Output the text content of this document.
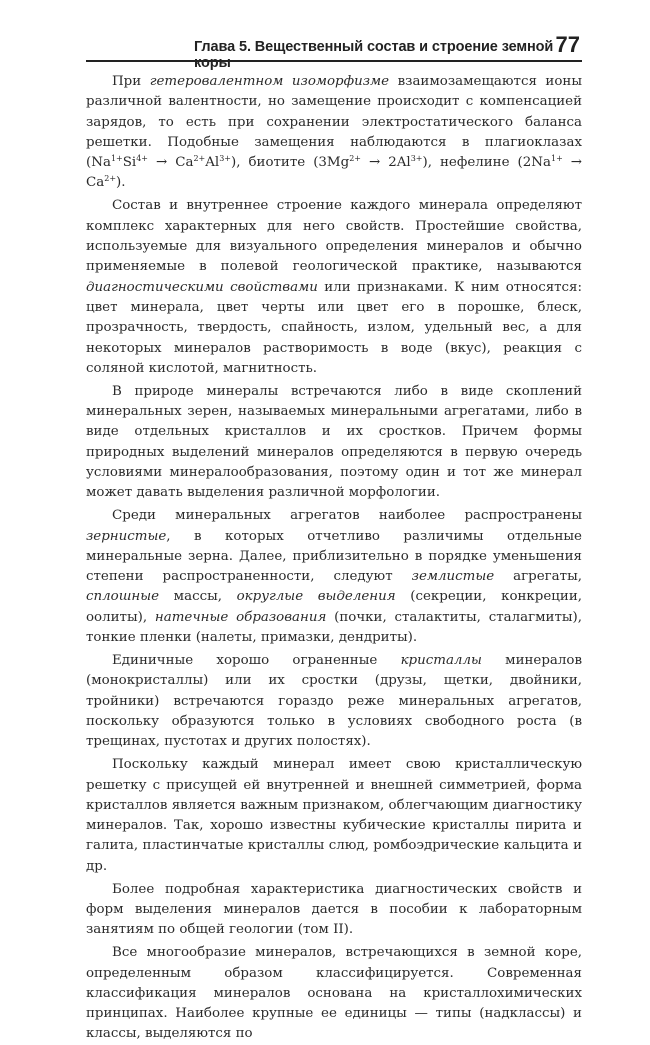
Глава 5. Вещественный состав и строение земной коры
77

При гетеровалентном изоморфизме взаимозамещаются ионы различной валентности, но замещение происходит с компенсацией зарядов, то есть при сохранении электростатического баланса решетки. Подобные замещения наблюдаются в плагиоклазах $(Na^{1+}Si^{4+} \to Ca^{2+}Al^{3+})$, биотите $(3Mg^{2+} \to 2Al^{3+})$, нефелине $(2Na^{1+} \to Ca^{2+})$.

Состав и внутреннее строение каждого минерала определяют комплекс характерных для него свойств. Простейшие свойства, используемые для визуального определения минералов и обычно применяемые в полевой геологической практике, называются диагностическими свойствами или признаками. К ним относятся: цвет минерала, цвет черты или цвет его в порошке, блеск, прозрачность, твердость, спайность, излом, удельный вес, а для некоторых минералов растворимость в воде (вкус), реакция с соляной кислотой, магнитность.

В природе минералы встречаются либо в виде скоплений минеральных зерен, называемых минеральными агрегатами, либо в виде отдельных кристаллов и их сростков. Причем формы природных выделений минералов определяются в первую очередь условиями минералообразования, поэтому один и тот же минерал может давать выделения различной морфологии.

Среди минеральных агрегатов наиболее распространены зернистые, в которых отчетливо различимы отдельные минеральные зерна. Далее, приблизительно в порядке уменьшения степени распространенности, следуют землистые агрегаты, сплошные массы, округлые выделения (секреции, конкреции, оолиты), натечные образования (почки, сталактиты, сталагмиты), тонкие пленки (налеты, примазки, дендриты).

Единичные хорошо ограненные кристаллы минералов (монокристаллы) или их сростки (друзы, щетки, двойники, тройники) встречаются гораздо реже минеральных агрегатов, поскольку образуются только в условиях свободного роста (в трещинах, пустотах и других полостях).

Поскольку каждый минерал имеет свою кристаллическую решетку с присущей ей внутренней и внешней симметрией, форма кристаллов является важным признаком, облегчающим диагностику минералов. Так, хорошо известны кубические кристаллы пирита и галита, пластинчатые кристаллы слюд, ромбоэдрические кальцита и др.

Более подробная характеристика диагностических свойств и форм выделения минералов дается в пособии к лабораторным занятиям по общей геологии (том II).

Все многообразие минералов, встречающихся в земной коре, определенным образом классифицируется. Современная классификация минералов основана на кристаллохимических принципах. Наиболее крупные ее единицы — типы (надклассы) и классы, выделяются по
